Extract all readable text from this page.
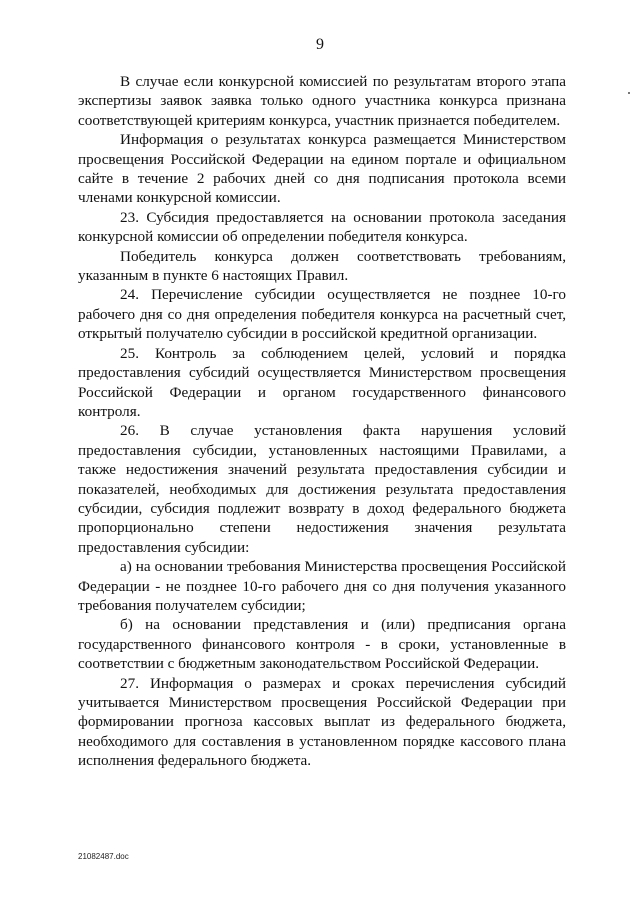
9

В случае если конкурсной комиссией по результатам второго этапа экспертизы заявок заявка только одного участника конкурса признана соответствующей критериям конкурса, участник признается победителем.

Информация о результатах конкурса размещается Министерством просвещения Российской Федерации на едином портале и официальном сайте в течение 2 рабочих дней со дня подписания протокола всеми членами конкурсной комиссии.

23. Субсидия предоставляется на основании протокола заседания конкурсной комиссии об определении победителя конкурса.

Победитель конкурса должен соответствовать требованиям, указанным в пункте 6 настоящих Правил.

24. Перечисление субсидии осуществляется не позднее 10-го рабочего дня со дня определения победителя конкурса на расчетный счет, открытый получателю субсидии в российской кредитной организации.

25. Контроль за соблюдением целей, условий и порядка предоставления субсидий осуществляется Министерством просвещения Российской Федерации и органом государственного финансового контроля.

26. В случае установления факта нарушения условий предоставления субсидии, установленных настоящими Правилами, а также недостижения значений результата предоставления субсидии и показателей, необходимых для достижения результата предоставления субсидии, субсидия подлежит возврату в доход федерального бюджета пропорционально степени недостижения значения результата предоставления субсидии:

а) на основании требования Министерства просвещения Российской Федерации - не позднее 10-го рабочего дня со дня получения указанного требования получателем субсидии;

б) на основании представления и (или) предписания органа государственного финансового контроля - в сроки, установленные в соответствии с бюджетным законодательством Российской Федерации.

27. Информация о размерах и сроках перечисления субсидий учитывается Министерством просвещения Российской Федерации при формировании прогноза кассовых выплат из федерального бюджета, необходимого для составления в установленном порядке кассового плана исполнения федерального бюджета.

21082487.doc
